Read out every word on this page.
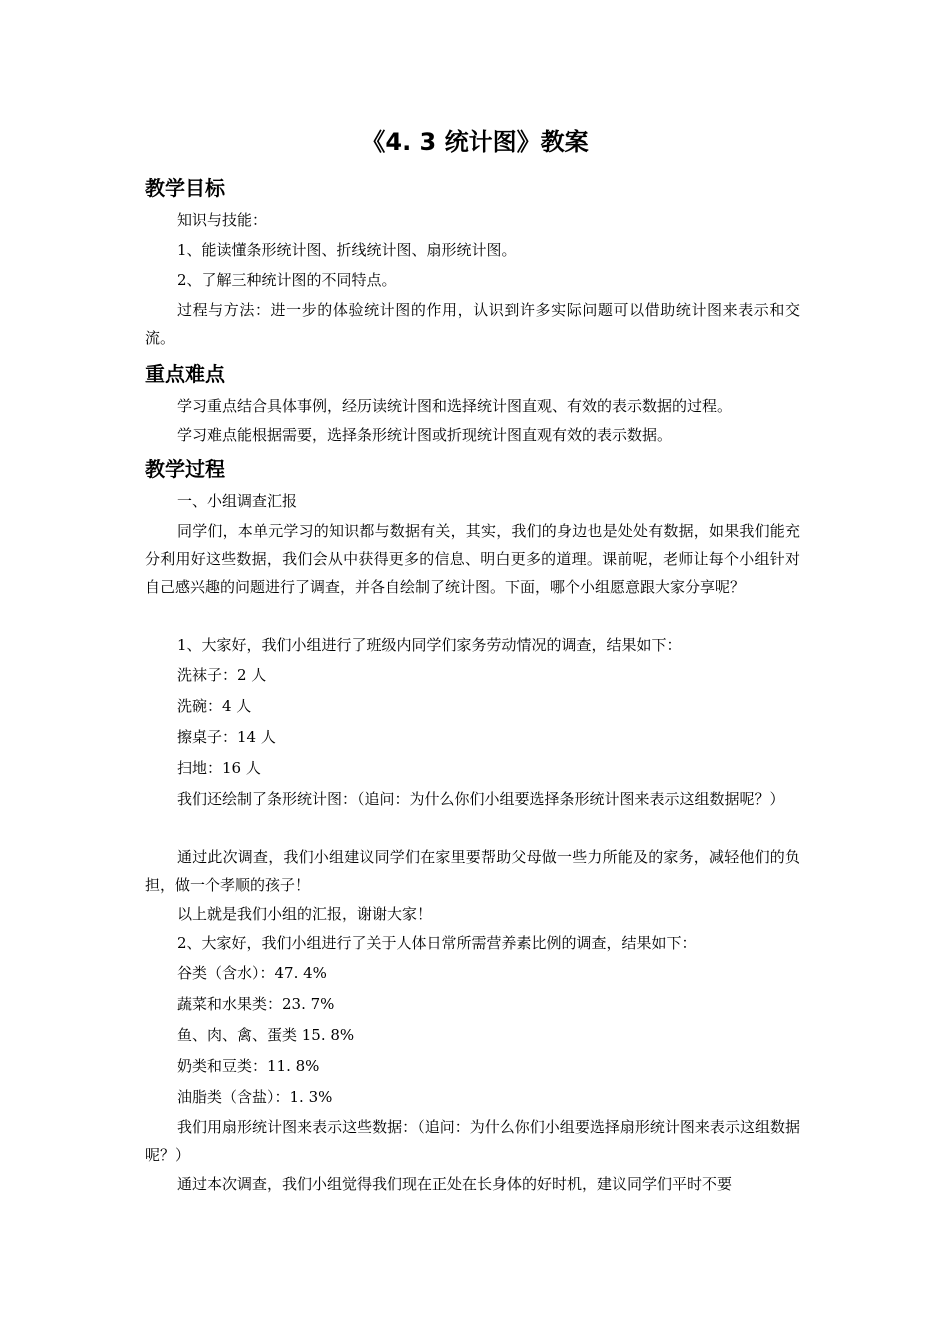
《4. 3 统计图》教案
教学目标
知识与技能：
1、能读懂条形统计图、折线统计图、扇形统计图。
2、了解三种统计图的不同特点。
过程与方法：进一步的体验统计图的作用，认识到许多实际问题可以借助统计图来表示和交流。
重点难点
学习重点结合具体事例，经历读统计图和选择统计图直观、有效的表示数据的过程。
学习难点能根据需要，选择条形统计图或折现统计图直观有效的表示数据。
教学过程
一、小组调查汇报
同学们，本单元学习的知识都与数据有关，其实，我们的身边也是处处有数据，如果我们能充分利用好这些数据，我们会从中获得更多的信息、明白更多的道理。课前呢，老师让每个小组针对自己感兴趣的问题进行了调查，并各自绘制了统计图。下面，哪个小组愿意跟大家分享呢？
1、大家好，我们小组进行了班级内同学们家务劳动情况的调查，结果如下：
洗袜子：2 人
洗碗：4 人
擦桌子：14 人
扫地：16 人
我们还绘制了条形统计图：（追问：为什么你们小组要选择条形统计图来表示这组数据呢？）
通过此次调查，我们小组建议同学们在家里要帮助父母做一些力所能及的家务，减轻他们的负担，做一个孝顺的孩子！
以上就是我们小组的汇报，谢谢大家！
2、大家好，我们小组进行了关于人体日常所需营养素比例的调查，结果如下：
谷类（含水）：47. 4%
蔬菜和水果类：23. 7%
鱼、肉、禽、蛋类 15. 8%
奶类和豆类：11. 8%
油脂类（含盐）：1. 3%
我们用扇形统计图来表示这些数据：（追问：为什么你们小组要选择扇形统计图来表示这组数据呢？）
通过本次调查，我们小组觉得我们现在正处在长身体的好时机，建议同学们平时不要
